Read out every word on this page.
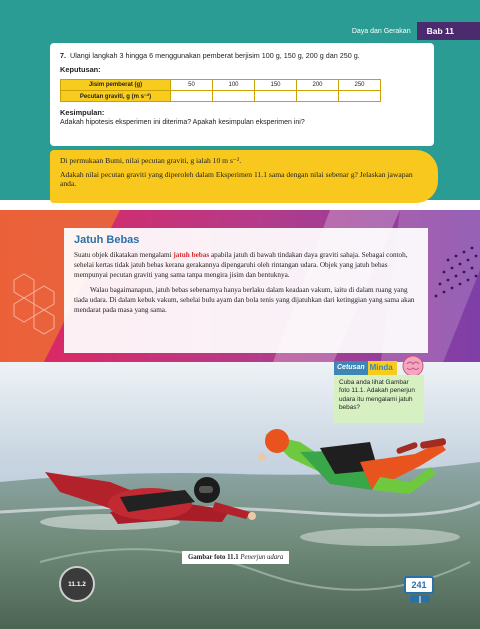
Daya dan Gerakan	Bab 11
7. Ulangi langkah 3 hingga 6 menggunakan pemberat berjisim 100 g, 150 g, 200 g dan 250 g.
Keputusan:
Jisim pemberat (g)	50	100	150	200	250
Pecutan graviti, g (m s⁻²)					
Kesimpulan:
Adakah hipotesis eksperimen ini diterima? Apakah kesimpulan eksperimen ini?

Di permukaan Bumi, nilai pecutan graviti, g ialah 10 m s⁻².

Adakah nilai pecutan graviti yang diperoleh dalam Eksperimen 11.1 sama dengan nilai sebenar g? Jelaskan jawapan anda.

Jatuh Bebas

Suatu objek dikatakan mengalami jatuh bebas apabila jatuh di bawah tindakan daya graviti sahaja. Sebagai contoh, sehelai kertas tidak jatuh bebas kerana gerakannya dipengaruhi oleh rintangan udara. Objek yang jatuh bebas mempunyai pecutan graviti yang sama tanpa mengira jisim dan bentuknya.

Walau bagaimanapun, jatuh bebas sebenarnya hanya berlaku dalam keadaan vakum, iaitu di dalam ruang yang tiada udara. Di dalam kebuk vakum, sehelai bulu ayam dan bola tenis yang dijatuhkan dari ketinggian yang sama akan mendarat pada masa yang sama.

Cetusan Minda
Cuba anda lihat Gambar foto 11.1. Adakah penerjun udara itu mengalami jatuh bebas?
Gambar foto 11.1 Penerjun udara
11.1.2	241
